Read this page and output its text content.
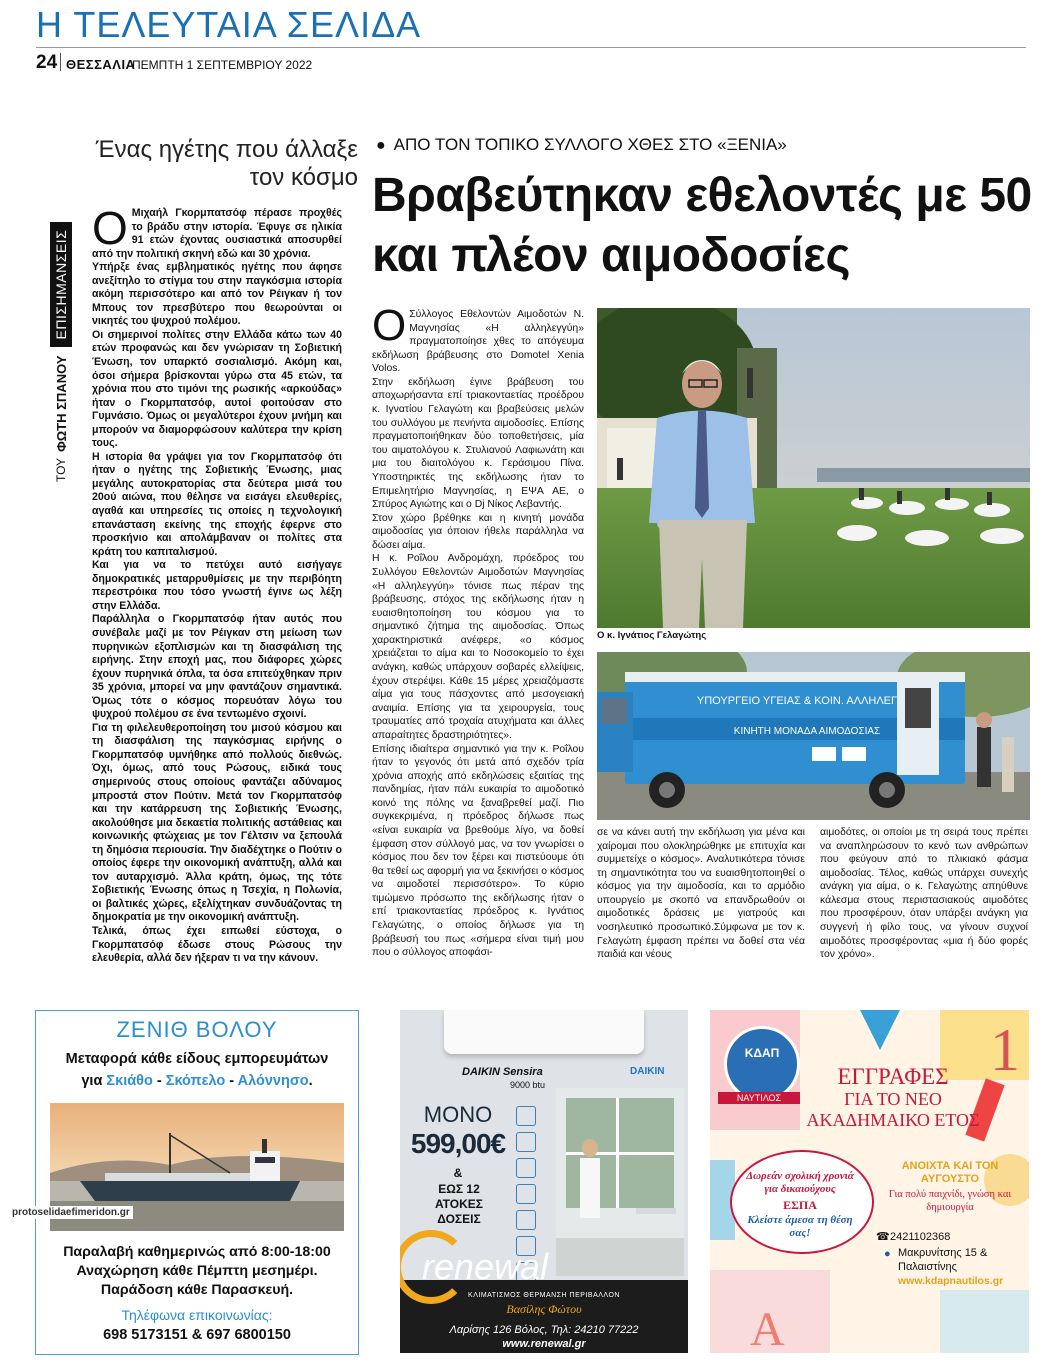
Η ΤΕΛΕΥΤΑΙΑ ΣΕΛΙΔΑ
24 ΘΕΣΣΑΛΙΑ
ΠΕΜΠΤΗ 1 ΣΕΠΤΕΜΒΡΙΟΥ 2022
Ένας ηγέτης που άλλαξε τον κόσμο
ΤΟΥ
ΦΩΤΗ ΣΠΑΝΟΥ
ΕΠΙΣΗΜΑΝΣΕΙΣ

Ο Μιχαήλ Γκορμπατσόφ πέρασε προχθές το βράδυ στην ιστορία. Έφυγε σε ηλικία 91 ετών έχοντας ουσιαστικά αποσυρθεί από την πολιτική σκηνή εδώ και 30 χρόνια.

Υπήρξε ένας εμβληματικός ηγέτης που άφησε ανεξίτηλο το στίγμα του στην παγκόσμια ιστορία ακόμη περισσότερο και από τον Ρέιγκαν ή τον Μπους τον πρεσβύτερο που θεωρούνται οι νικητές του ψυχρού πολέμου.

Οι σημερινοί πολίτες στην Ελλάδα κάτω των 40 ετών προφανώς και δεν γνώρισαν τη Σοβιετική Ένωση, τον υπαρκτό σοσιαλισμό. Ακόμη και, όσοι σήμερα βρίσκονται γύρω στα 45 ετών, τα χρόνια που στο τιμόνι της ρωσικής «αρκούδας» ήταν ο Γκορμπατσόφ, αυτοί φοιτούσαν στο Γυμνάσιο. Όμως οι μεγαλύτεροι έχουν μνήμη και μπορούν να διαμορφώσουν καλύτερα την κρίση τους.

Η ιστορία θα γράψει για τον Γκορμπατσόφ ότι ήταν ο ηγέτης της Σοβιετικής Ένωσης, μιας μεγάλης αυτοκρατορίας στα δεύτερα μισά του 20ού αιώνα, που θέλησε να εισάγει ελευθερίες, αγαθά και υπηρεσίες τις οποίες η τεχνολογική επανάσταση εκείνης της εποχής έφερνε στο προσκήνιο και απολάμβαναν οι πολίτες στα κράτη του καπιταλισμού.

Και για να το πετύχει αυτό εισήγαγε δημοκρατικές μεταρρυθμίσεις με την περιβόητη περεστρόικα που τόσο γνωστή έγινε ως λέξη στην Ελλάδα.

Παράλληλα ο Γκορμπατσόφ ήταν αυτός που συνέβαλε μαζί με τον Ρέιγκαν στη μείωση των πυρηνικών εξοπλισμών και τη διασφάλιση της ειρήνης. Στην εποχή μας, που διάφορες χώρες έχουν πυρηνικά όπλα, τα όσα επιτεύχθηκαν πριν 35 χρόνια, μπορεί να μην φαντάζουν σημαντικά. Όμως τότε ο κόσμος πορευόταν λόγω του ψυχρού πολέμου σε ένα τεντωμένο σχοινί.

Για τη φιλελευθεροποίηση του μισού κόσμου και τη διασφάλιση της παγκόσμιας ειρήνης ο Γκορμπατσόφ υμνήθηκε από πολλούς διεθνώς. Όχι, όμως, από τους Ρώσους, ειδικά τους σημερινούς στους οποίους φαντάζει αδύναμος μπροστά στον Πούτιν. Μετά τον Γκορμπατσόφ και την κατάρρευση της Σοβιετικής Ένωσης, ακολούθησε μια δεκαετία πολιτικής αστάθειας και κοινωνικής φτώχειας με τον Γέλτσιν να ξεπουλά τη δημόσια περιουσία. Την διαδέχτηκε ο Πούτιν ο οποίος έφερε την οικονομική ανάπτυξη, αλλά και τον αυταρχισμό. Άλλα κράτη, όμως, της τότε Σοβιετικής Ένωσης όπως η Τσεχία, η Πολωνία, οι βαλτικές χώρες, εξελίχτηκαν συνδυάζοντας τη δημοκρατία με την οικονομική ανάπτυξη.

Τελικά, όπως έχει ειπωθεί εύστοχα, ο Γκορμπατσόφ έδωσε στους Ρώσους την ελευθερία, αλλά δεν ήξεραν τι να την κάνουν.

● ΑΠΟ ΤΟΝ ΤΟΠΙΚΟ ΣΥΛΛΟΓΟ ΧΘΕΣ ΣΤΟ «ΞΕΝΙΑ»
Βραβεύτηκαν εθελοντές με 50 και πλέον αιμοδοσίες

Ο Σύλλογος Εθελοντών Αιμοδοτών Ν. Μαγνησίας «Η αλληλεγγύη» πραγματοποίησε χθες το απόγευμα εκδήλωση βράβευσης στο Domotel Xenia Volos.

Στην εκδήλωση έγινε βράβευση του αποχωρήσαντα επί τριακονταετίας προέδρου κ. Ιγνατίου Γελαγώτη και βραβεύσεις μελών του συλλόγου με πενήντα αιμοδοσίες. Επίσης πραγματοποιήθηκαν δύο τοποθετήσεις, μία του αιματολόγου κ. Στυλιανού Λαφιωνάτη και μια του διαιτολόγου κ. Γεράσιμου Πίνα. Υποστηρικτές της εκδήλωσης ήταν το Επιμελητήριο Μαγνησίας, η ΕΨΑ ΑΕ, ο Σπύρος Αγιώτης και ο Dj Νίκος Λεβαντής.

Στον χώρο βρέθηκε και η κινητή μονάδα αιμοδοσίας για όποιον ήθελε παράλληλα να δώσει αίμα.

Η κ. Ροΐλου Ανδρομάχη, πρόεδρος του Συλλόγου Εθελοντών Αιμοδοτών Μαγνησίας «Η αλληλεγγύη» τόνισε πως πέραν της βράβευσης, στόχος της εκδήλωσης ήταν η ευαισθητοποίηση του κόσμου για το σημαντικό ζήτημα της αιμοδοσίας. Όπως χαρακτηριστικά ανέφερε, «ο κόσμος χρειάζεται το αίμα και το Νοσοκομείο το έχει ανάγκη, καθώς υπάρχουν σοβαρές ελλείψεις, έχουν στερέψει. Κάθε 15 μέρες χρειαζόμαστε αίμα για τους πάσχοντες από μεσογειακή αναιμία. Επίσης για τα χειρουργεία, τους τραυματίες από τροχαία ατυχήματα και άλλες απαραίτητες δραστηριότητες».

Επίσης ιδιαίτερα σημαντικό για την κ. Ροΐλου ήταν το γεγονός ότι μετά από σχεδόν τρία χρόνια αποχής από εκδηλώσεις εξαιτίας της πανδημίας, ήταν πάλι ευκαιρία το αιμοδοτικό κοινό της πόλης να ξαναβρεθεί μαζί. Πιο συγκεκριμένα, η πρόεδρος δήλωσε πως «είναι ευκαιρία να βρεθούμε λίγο, να δοθεί έμφαση στον σύλλογό μας, να τον γνωρίσει ο κόσμος που δεν τον ξέρει και πιστεύουμε ότι θα τεθεί ως αφορμή για να ξεκινήσει ο κόσμος να αιμοδοτεί περισσότερο». Το κύριο τιμώμενο πρόσωπο της εκδήλωσης ήταν ο επί τριακονταετίας πρόεδρος κ. Ιγνάτιος Γελαγώτης, ο οποίος δήλωσε για τη βράβευσή του πως «σήμερα είναι τιμή μου που ο σύλλογος αποφάσι-

σε να κάνει αυτή την εκδήλωση για μένα και χαίρομαι που ολοκληρώθηκε με επιτυχία και συμμετείχε ο κόσμος». Αναλυτικότερα τόνισε τη σημαντικότητα του να ευαισθητοποιηθεί ο κόσμος για την αιμοδοσία, και το αρμόδιο υπουργείο με σκοπό να επανδρωθούν οι αιμοδοτικές δράσεις με γιατρούς και νοσηλευτικό προσωπικό.Σύμφωνα με τον κ. Γελαγώτη έμφαση πρέπει να δοθεί στα νέα παιδιά και νέους

αιμοδότες, οι οποίοι με τη σειρά τους πρέπει να αναπληρώσουν το κενό των ανθρώπων που φεύγουν από το πλικιακό φάσμα αιμοδοσίας. Τέλος, καθώς υπάρχει συνεχής ανάγκη για αίμα, ο κ. Γελαγώτης απηύθυνε κάλεσμα στους περιστασιακούς αιμοδότες που προσφέρουν, όταν υπάρξει ανάγκη για συγγενή ή φίλο τους, να γίνουν συχνοί αιμοδότες προσφέροντας «μια ή δύο φορές τον χρόνο».

Ο κ. Ιγνάτιος Γελαγώτης
ΥΠΟΥΡΓΕΙΟ ΥΓΕΙΑΣ & ΚΟΙΝ. ΑΛΛΗΛΕΓ
ΚΙΝΗΤΗ ΜΟΝΑΔΑ ΑΙΜΟΔΟΣΙΑΣ
ΖΕΝΙΘ ΒΟΛΟΥ
Μεταφορά κάθε είδους εμπορευμάτων
για Σκιάθο - Σκόπελο - Αλόννησο.
Παραλαβή καθημερινώς από 8:00-18:00
Αναχώρηση κάθε Πέμπτη μεσημέρι.
Παράδοση κάθε Παρασκευή.
Τηλέφωνα επικοινωνίας:
698 5173151 & 697 6800150
DAIKIN Sensira
9000 btu
DAIKIN
ΜΟΝΟ
599,00€
&
ΕΩΣ 12 ΑΤΟΚΕΣ ΔΟΣΕΙΣ
renewal
ΚΛΙΜΑΤΙΣΜΟΣ ΘΕΡΜΑΝΣΗ ΠΕΡΙΒΑΛΛΟΝ
Βασίλης Φώτου
Λαρίσης 126 Βόλος, Τηλ: 24210 77222
www.renewal.gr	A
1
ΚΔΑΠ
ΝΑΥΤΙΛΟΣ
ΕΓΓΡΑΦΕΣ
ΓΙΑ ΤΟ ΝΕΟ
ΑΚΑΔΗΜΑΙΚΟ ΕΤΟΣ
Δωρεάν σχολική χρονιά για δικαιούχους
ΕΣΠΑ
Κλείστε άμεσα τη θέση σας!
ΑΝΟΙΧΤΑ ΚΑΙ ΤΟΝ ΑΥΓΟΥΣΤΟ
Για πολύ παιχνίδι, γνώση και δημιουργία
☎ 2421102368
● Μακρυνίτσης 15 & Παλαιστίνης
www.kdapnautilos.gr
protoselidaefimeridon.gr
